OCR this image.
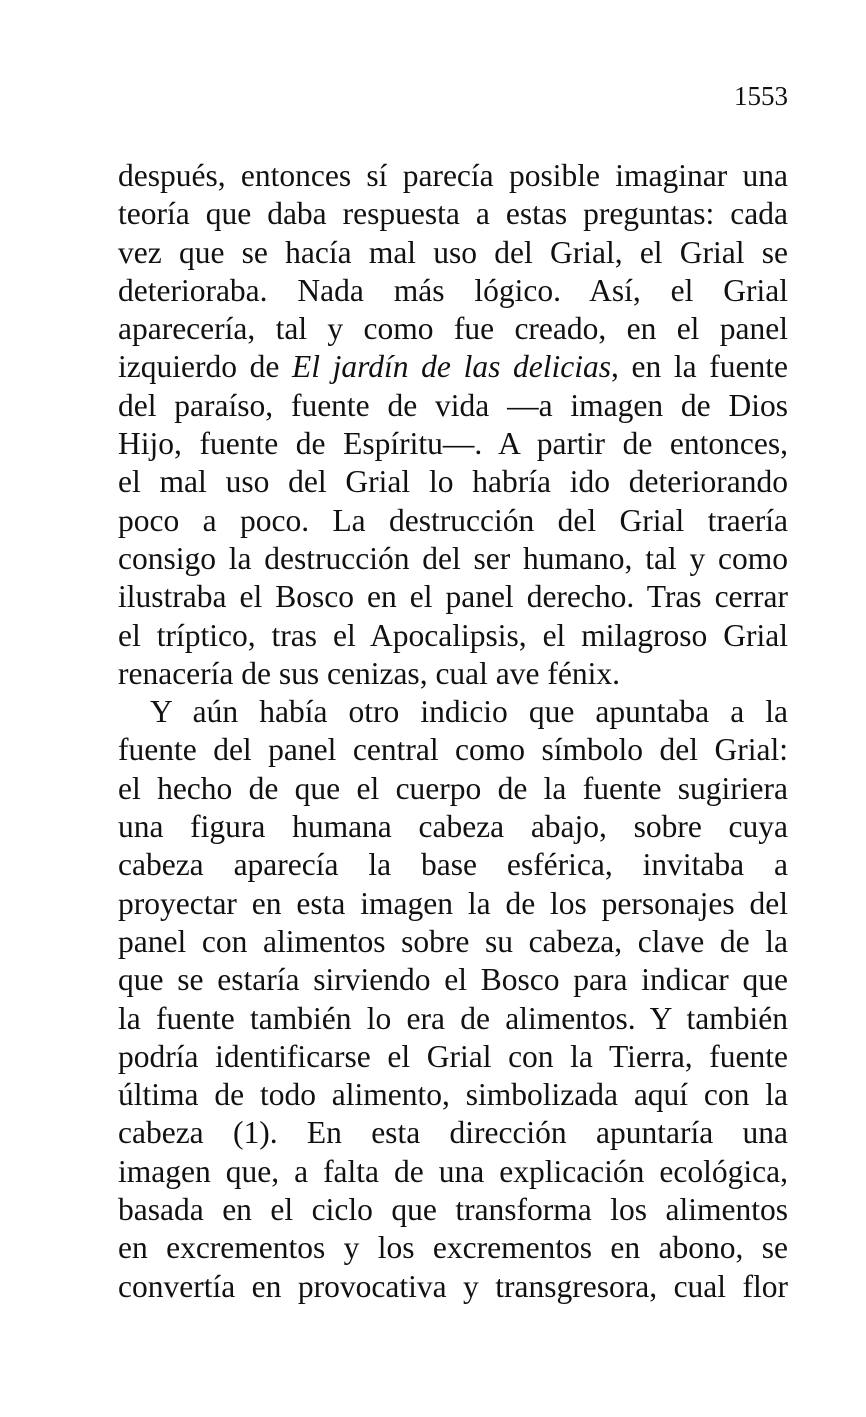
1553
después, entonces sí parecía posible imaginar una
teoría que daba respuesta a estas preguntas: cada
vez que se hacía mal uso del Grial, el Grial se
deterioraba. Nada más lógico. Así, el Grial
aparecería, tal y como fue creado, en el panel
izquierdo de El jardín de las delicias, en la fuente
del paraíso, fuente de vida —a imagen de Dios
Hijo, fuente de Espíritu—. A partir de entonces,
el mal uso del Grial lo habría ido deteriorando
poco a poco. La destrucción del Grial traería
consigo la destrucción del ser humano, tal y como
ilustraba el Bosco en el panel derecho. Tras cerrar
el tríptico, tras el Apocalipsis, el milagroso Grial
renacería de sus cenizas, cual ave fénix.
Y aún había otro indicio que apuntaba a la
fuente del panel central como símbolo del Grial:
el hecho de que el cuerpo de la fuente sugiriera
una figura humana cabeza abajo, sobre cuya
cabeza aparecía la base esférica, invitaba a
proyectar en esta imagen la de los personajes del
panel con alimentos sobre su cabeza, clave de la
que se estaría sirviendo el Bosco para indicar que
la fuente también lo era de alimentos. Y también
podría identificarse el Grial con la Tierra, fuente
última de todo alimento, simbolizada aquí con la
cabeza (1). En esta dirección apuntaría una
imagen que, a falta de una explicación ecológica,
basada en el ciclo que transforma los alimentos
en excrementos y los excrementos en abono, se
convertía en provocativa y transgresora, cual flor
